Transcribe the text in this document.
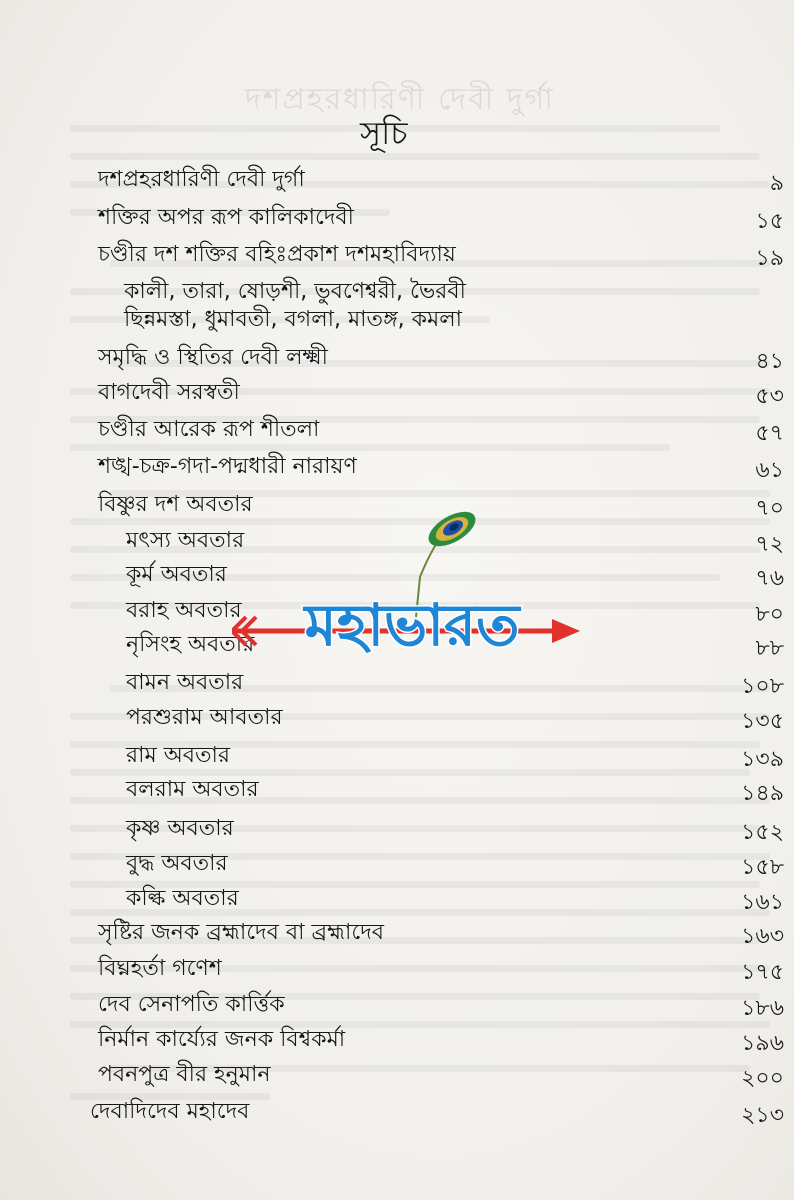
দশপ্রহরধারিণী দেবী দুর্গা
সূচি
দশপ্রহরধারিণী দেবী দুর্গা	৯
শক্তির অপর রূপ কালিকাদেবী	১৫
চণ্ডীর দশ শক্তির বহিঃপ্রকাশ দশমহাবিদ্যায়	১৯
কালী, তারা, ষোড়শী, ভুবণেশ্বরী, ভৈরবী
ছিন্নমস্তা, ধুমাবতী, বগলা, মাতঙ্গ, কমলা
সমৃদ্ধি ও স্থিতির দেবী লক্ষ্মী	৪১
বাগদেবী সরস্বতী	৫৩
চণ্ডীর আরেক রূপ শীতলা	৫৭
শঙ্খ-চক্র-গদা-পদ্মধারী নারায়ণ	৬১
বিষ্ণুর দশ অবতার	৭০
মৎস্য অবতার	৭২
কূর্ম অবতার	৭৬
বরাহ অবতার	৮০
নৃসিংহ অবতার	৮৮
বামন অবতার	১০৮
পরশুরাম আবতার	১৩৫
রাম অবতার	১৩৯
বলরাম অবতার	১৪৯
কৃষ্ণ অবতার	১৫২
বুদ্ধ অবতার	১৫৮
কল্কি অবতার	১৬১
সৃষ্টির জনক ব্রহ্মাদেব বা ব্রহ্মাদেব	১৬৩
বিঘ্নহর্তা গণেশ	১৭৫
দেব সেনাপতি কার্ত্তিক	১৮৬
নির্মান কার্য্যের জনক বিশ্বকর্মা	১৯৬
পবনপুত্র বীর হনুমান	২০০
দেবাদিদেব মহাদেব	২১৩
মহাভারত
